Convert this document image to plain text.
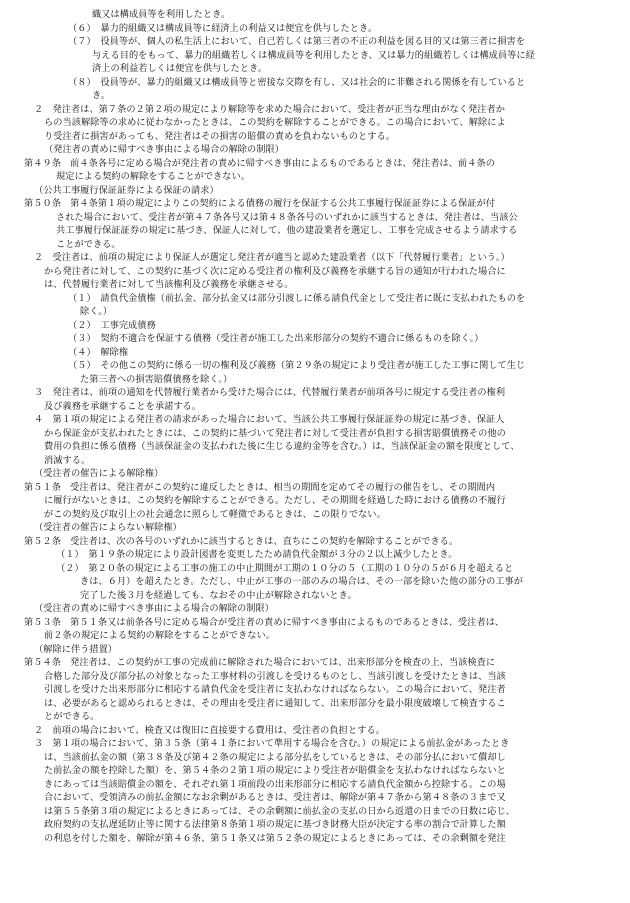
織又は構成員等を利用したとき。
（６）　暴力的組織又は構成員等に経済上の利益又は便宜を供与したとき。
（７）　役員等が、個人の私生活上において、自己若しくは第三者の不正の利益を図る目的又は第三者に損害を
与える目的をもって、暴力的組織若しくは構成員等を利用したとき、又は暴力的組織若しくは構成員等に経
済上の利益若しくは便宜を供与したとき。
（８）　役員等が、暴力的組織又は構成員等と密接な交際を有し、又は社会的に非難される関係を有していると
き。
２　発注者は、第７条の２第２項の規定により解除等を求めた場合において、受注者が正当な理由がなく発注者か
らの当該解除等の求めに従わなかったときは、この契約を解除することができる。この場合において、解除によ
り受注者に損害があっても、発注者はその損害の賠償の責めを負わないものとする。
（発注者の責めに帰すべき事由による場合の解除の制限）
第４９条　前４条各号に定める場合が発注者の責めに帰すべき事由によるものであるときは、発注者は、前４条の
規定による契約の解除をすることができない。
（公共工事履行保証証券による保証の請求）
第５０条　第４条第１項の規定によりこの契約による債務の履行を保証する公共工事履行保証証券による保証が付
された場合において、受注者が第４７条各号又は第４８条各号のいずれかに該当するときは、発注者は、当該公
共工事履行保証証券の規定に基づき、保証人に対して、他の建設業者を選定し、工事を完成させるよう請求する
ことができる。
２　受注者は、前項の規定により保証人が選定し発注者が適当と認めた建設業者（以下「代替履行業者」という。）
から発注者に対して、この契約に基づく次に定める受注者の権利及び義務を承継する旨の通知が行われた場合に
は、代替履行業者に対して当該権利及び義務を承継させる。
（１）　請負代金債権（前払金、部分払金又は部分引渡しに係る請負代金として受注者に既に支払われたものを
除く。）
（２）　工事完成債務
（３）　契約不適合を保証する債務（受注者が施工した出来形部分の契約不適合に係るものを除く。）
（４）　解除権
（５）　その他この契約に係る一切の権利及び義務（第２９条の規定により受注者が施工した工事に関して生じ
た第三者への損害賠償債務を除く。）
３　発注者は、前項の通知を代替履行業者から受けた場合には、代替履行業者が前項各号に規定する受注者の権利
及び義務を承継することを承諾する。
４　第１項の規定による発注者の請求があった場合において、当該公共工事履行保証証券の規定に基づき、保証人
から保証金が支払われたときには、この契約に基づいて発注者に対して受注者が負担する損害賠償債務その他の
費用の負担に係る債務（当該保証金の支払われた後に生じる違約金等を含む。）は、当該保証金の額を限度として、
消滅する。
（受注者の催告による解除権）
第５１条　受注者は、発注者がこの契約に違反したときは、相当の期間を定めてその履行の催告をし、その期間内
に履行がないときは、この契約を解除することができる。ただし、その期間を経過した時における債務の不履行
がこの契約及び取引上の社会通念に照らして軽微であるときは、この限りでない。
（受注者の催告によらない解除権）
第５２条　受注者は、次の各号のいずれかに該当するときは、直ちにこの契約を解除することができる。
（１）　第１９条の規定により設計図書を変更したため請負代金額が３分の２以上減少したとき。
（２）　第２０条の規定による工事の施工の中止期間が工期の１０分の５（工期の１０分の５が６月を超えると
きは、６月）を超えたとき。ただし、中止が工事の一部のみの場合は、その一部を除いた他の部分の工事が
完了した後３月を経過しても、なおその中止が解除されないとき。
（受注者の責めに帰すべき事由による場合の解除の制限）
第５３条　第５１条又は前条各号に定める場合が受注者の責めに帰すべき事由によるものであるときは、受注者は、
前２条の規定による契約の解除をすることができない。
（解除に伴う措置）
第５４条　発注者は、この契約が工事の完成前に解除された場合においては、出来形部分を検査の上、当該検査に
合格した部分及び部分払の対象となった工事材料の引渡しを受けるものとし、当該引渡しを受けたときは、当該
引渡しを受けた出来形部分に相応する請負代金を受注者に支払わなければならない。この場合において、発注者
は、必要があると認められるときは、その理由を受注者に通知して、出来形部分を最小限度破壊して検査するこ
とができる。
２　前項の場合において、検査又は復旧に直接要する費用は、受注者の負担とする。
３　第１項の場合において、第３５条（第４１条において準用する場合を含む。）の規定による前払金があったとき
は、当該前払金の額（第３８条及び第４２条の規定による部分払をしているときは、その部分払において償却し
た前払金の額を控除した額）を、第５４条の２第１項の規定により受注者が賠償金を支払わなければならないと
きにあっては当該賠償金の額を、それぞれ第１項前段の出来形部分に相応する請負代金額から控除する。この場
合において、受領済みの前払金額になお余剰があるときは、受注者は、解除が第４７条から第４８条の３まで又
は第５５条第３項の規定によるときにあっては、その余剰額に前払金の支払の日から返還の日までの日数に応じ、
政府契約の支払遅延防止等に関する法律第８条第１項の規定に基づき財務大臣が決定する率の割合で計算した額
の利息を付した額を、解除が第４６条、第５１条又は第５２条の規定によるときにあっては、その余剰額を発注
